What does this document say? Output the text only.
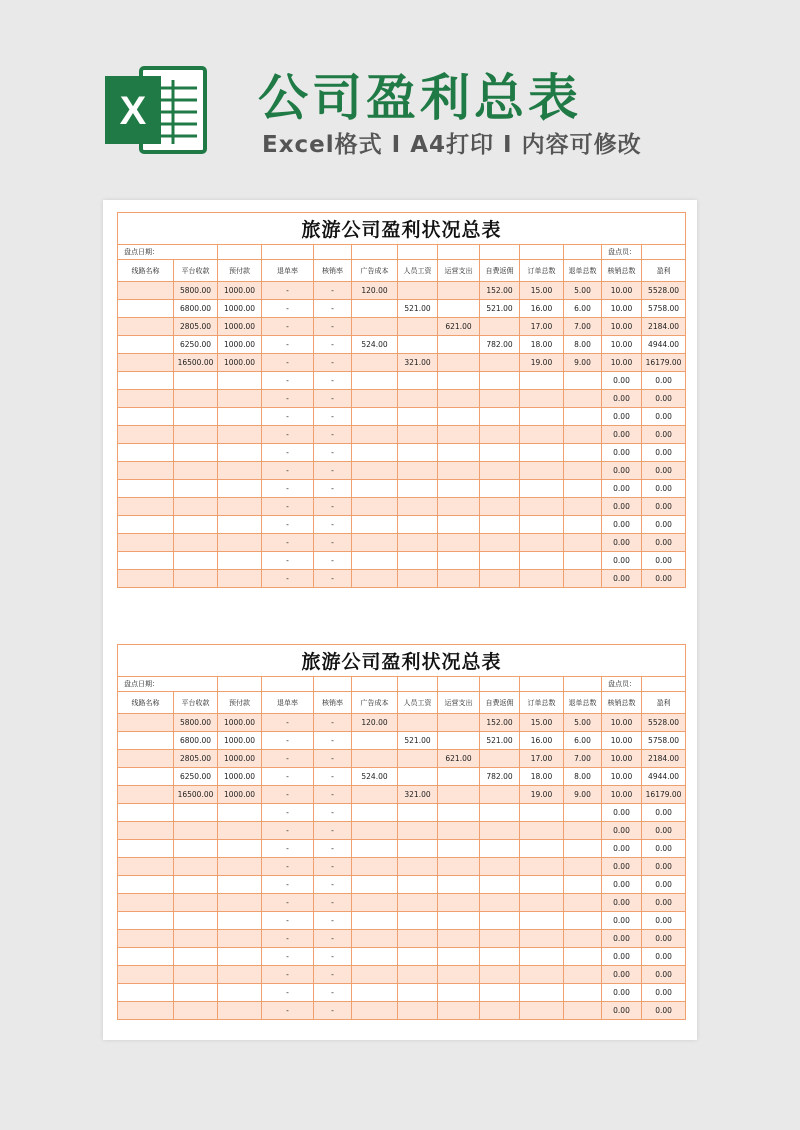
X 公司盈利总表
Excel格式 I A4打印 I 内容可修改
旅游公司盈利状况总表												
盘点日期：											盘点员：	
线路名称	平台收款	预付款	退单率	核销率	广告成本	人员工资	运营支出	自费返佣	订单总数	退单总数	核销总数	盈利
	5800.00	1000.00	-	-	120.00			152.00	15.00	5.00	10.00	5528.00
	6800.00	1000.00	-	-		521.00		521.00	16.00	6.00	10.00	5758.00
	2805.00	1000.00	-	-			621.00		17.00	7.00	10.00	2184.00
	6250.00	1000.00	-	-	524.00			782.00	18.00	8.00	10.00	4944.00
	16500.00	1000.00	-	-		321.00			19.00	9.00	10.00	16179.00
			-	-							0.00	0.00
			-	-							0.00	0.00
			-	-							0.00	0.00
			-	-							0.00	0.00
			-	-							0.00	0.00
			-	-							0.00	0.00
			-	-							0.00	0.00
			-	-							0.00	0.00
			-	-							0.00	0.00
			-	-							0.00	0.00
			-	-							0.00	0.00
			-	-							0.00	0.00
旅游公司盈利状况总表												
盘点日期：											盘点员：	
线路名称	平台收款	预付款	退单率	核销率	广告成本	人员工资	运营支出	自费返佣	订单总数	退单总数	核销总数	盈利
	5800.00	1000.00	-	-	120.00			152.00	15.00	5.00	10.00	5528.00
	6800.00	1000.00	-	-		521.00		521.00	16.00	6.00	10.00	5758.00
	2805.00	1000.00	-	-			621.00		17.00	7.00	10.00	2184.00
	6250.00	1000.00	-	-	524.00			782.00	18.00	8.00	10.00	4944.00
	16500.00	1000.00	-	-		321.00			19.00	9.00	10.00	16179.00
			-	-							0.00	0.00
			-	-							0.00	0.00
			-	-							0.00	0.00
			-	-							0.00	0.00
			-	-							0.00	0.00
			-	-							0.00	0.00
			-	-							0.00	0.00
			-	-							0.00	0.00
			-	-							0.00	0.00
			-	-							0.00	0.00
			-	-							0.00	0.00
			-	-							0.00	0.00
